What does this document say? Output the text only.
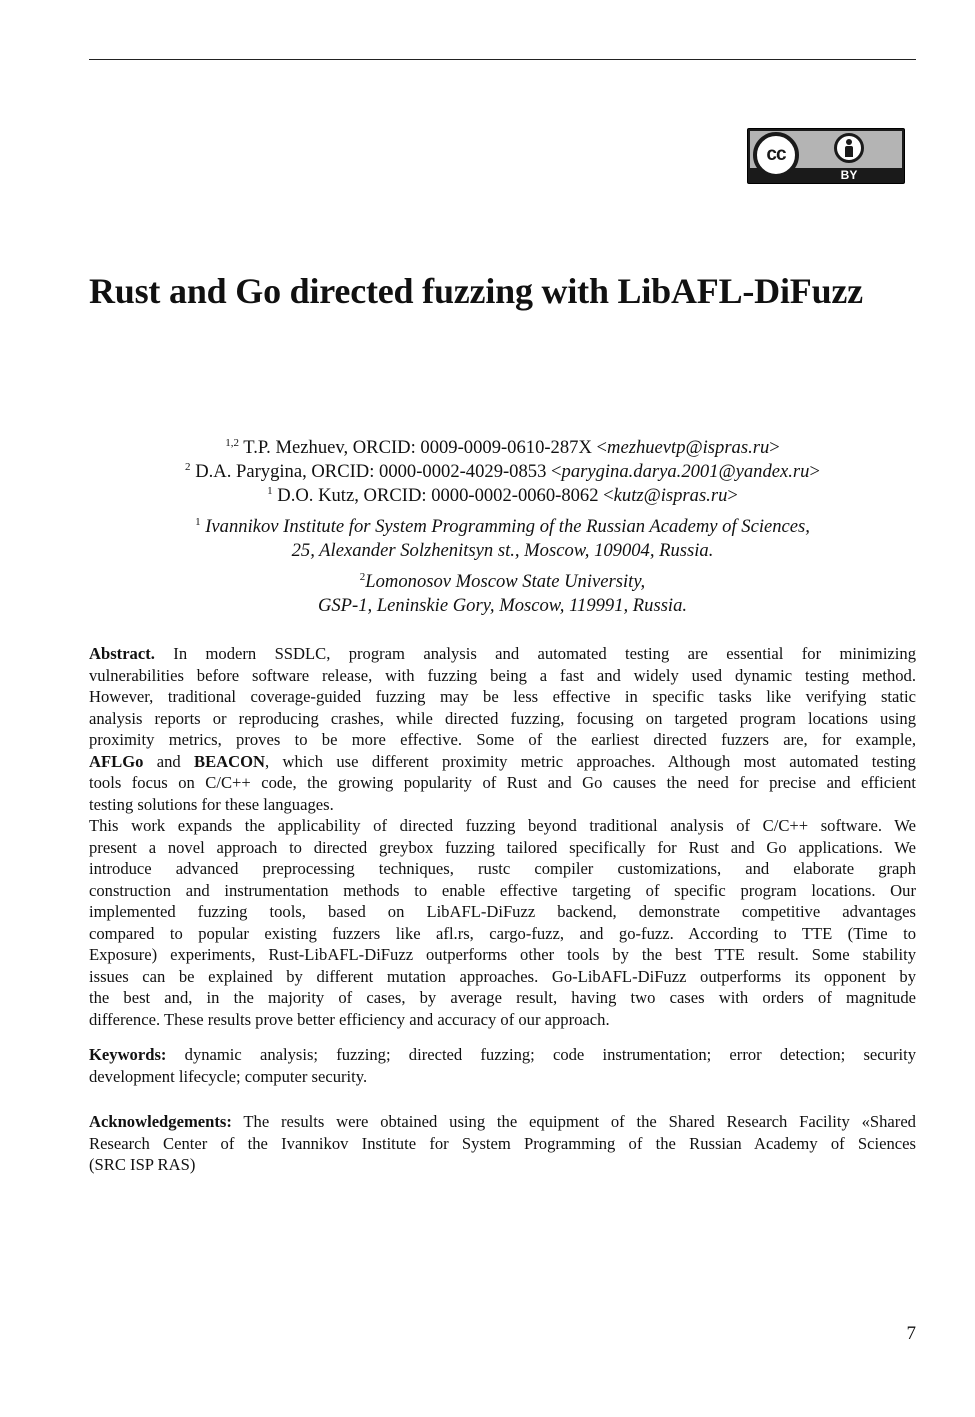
cc
BY
Rust and Go directed fuzzing with LibAFL-DiFuzz
$^{1,2}$ T.P. Mezhuev, ORCID: 0009-0009-0610-287X <mezhuevtp@ispras.ru>
$^2$ D.A. Parygina, ORCID: 0000-0002-4029-0853 <parygina.darya.2001@yandex.ru>
$^1$ D.O. Kutz, ORCID: 0000-0002-0060-8062 <kutz@ispras.ru>
$^1$ Ivannikov Institute for System Programming of the Russian Academy of Sciences,
25, Alexander Solzhenitsyn st., Moscow, 109004, Russia.
$^2$Lomonosov Moscow State University,
GSP-1, Leninskie Gory, Moscow, 119991, Russia.
Abstract. In modern SSDLC, program analysis and automated testing are essential for minimizing
vulnerabilities before software release, with fuzzing being a fast and widely used dynamic testing method.
However, traditional coverage-guided fuzzing may be less effective in specific tasks like verifying static
analysis reports or reproducing crashes, while directed fuzzing, focusing on targeted program locations using
proximity metrics, proves to be more effective. Some of the earliest directed fuzzers are, for example,
AFLGo and BEACON, which use different proximity metric approaches. Although most automated testing
tools focus on C/C++ code, the growing popularity of Rust and Go causes the need for precise and efficient
testing solutions for these languages.
This work expands the applicability of directed fuzzing beyond traditional analysis of C/C++ software. We
present a novel approach to directed greybox fuzzing tailored specifically for Rust and Go applications. We
introduce advanced preprocessing techniques, rustc compiler customizations, and elaborate graph
construction and instrumentation methods to enable effective targeting of specific program locations. Our
implemented fuzzing tools, based on LibAFL-DiFuzz backend, demonstrate competitive advantages
compared to popular existing fuzzers like afl.rs, cargo-fuzz, and go-fuzz. According to TTE (Time to
Exposure) experiments, Rust-LibAFL-DiFuzz outperforms other tools by the best TTE result. Some stability
issues can be explained by different mutation approaches. Go-LibAFL-DiFuzz outperforms its opponent by
the best and, in the majority of cases, by average result, having two cases with orders of magnitude
difference. These results prove better efficiency and accuracy of our approach.
Keywords: dynamic analysis; fuzzing; directed fuzzing; code instrumentation; error detection; security
development lifecycle; computer security.
Acknowledgements: The results were obtained using the equipment of the Shared Research Facility «Shared
Research Center of the Ivannikov Institute for System Programming of the Russian Academy of Sciences
(SRC ISP RAS)
7
